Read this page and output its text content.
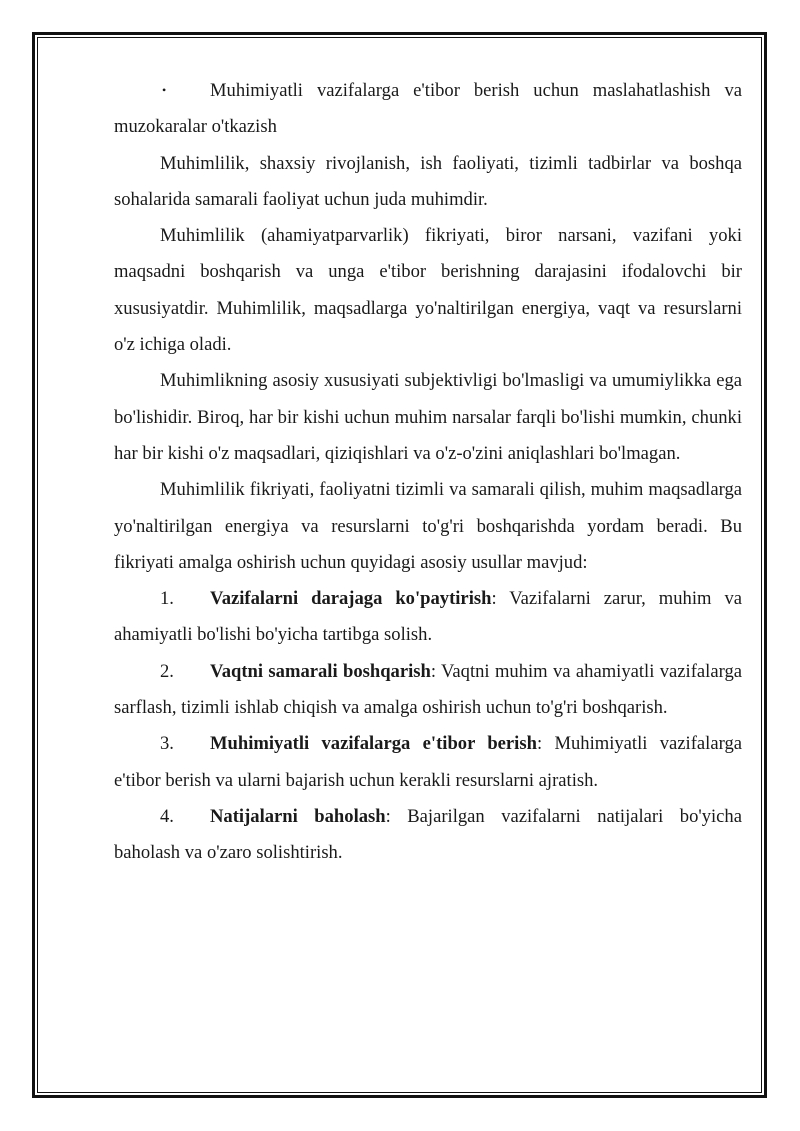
• Muhimiyatli vazifalarga e'tibor berish uchun maslahatlashish va muzokaralar o'tkazish

Muhimlilik, shaxsiy rivojlanish, ish faoliyati, tizimli tadbirlar va boshqa sohalarida samarali faoliyat uchun juda muhimdir.

Muhimlilik (ahamiyatparvarlik) fikriyati, biror narsani, vazifani yoki maqsadni boshqarish va unga e'tibor berishning darajasini ifodalovchi bir xususiyatdir. Muhimlilik, maqsadlarga yo'naltirilgan energiya, vaqt va resurslarni o'z ichiga oladi.

Muhimlikning asosiy xususiyati subjektivligi bo'lmasligi va umumiylikka ega bo'lishidir. Biroq, har bir kishi uchun muhim narsalar farqli bo'lishi mumkin, chunki har bir kishi o'z maqsadlari, qiziqishlari va o'z-o'zini aniqlashlari bo'lmagan.

Muhimlilik fikriyati, faoliyatni tizimli va samarali qilish, muhim maqsadlarga yo'naltirilgan energiya va resurslarni to'g'ri boshqarishda yordam beradi. Bu fikriyati amalga oshirish uchun quyidagi asosiy usullar mavjud:

1. Vazifalarni darajaga ko'paytirish: Vazifalarni zarur, muhim va ahamiyatli bo'lishi bo'yicha tartibga solish.

2. Vaqtni samarali boshqarish: Vaqtni muhim va ahamiyatli vazifalarga sarflash, tizimli ishlab chiqish va amalga oshirish uchun to'g'ri boshqarish.

3. Muhimiyatli vazifalarga e'tibor berish: Muhimiyatli vazifalarga e'tibor berish va ularni bajarish uchun kerakli resurslarni ajratish.

4. Natijalarni baholash: Bajarilgan vazifalarni natijalari bo'yicha baholash va o'zaro solishtirish.
